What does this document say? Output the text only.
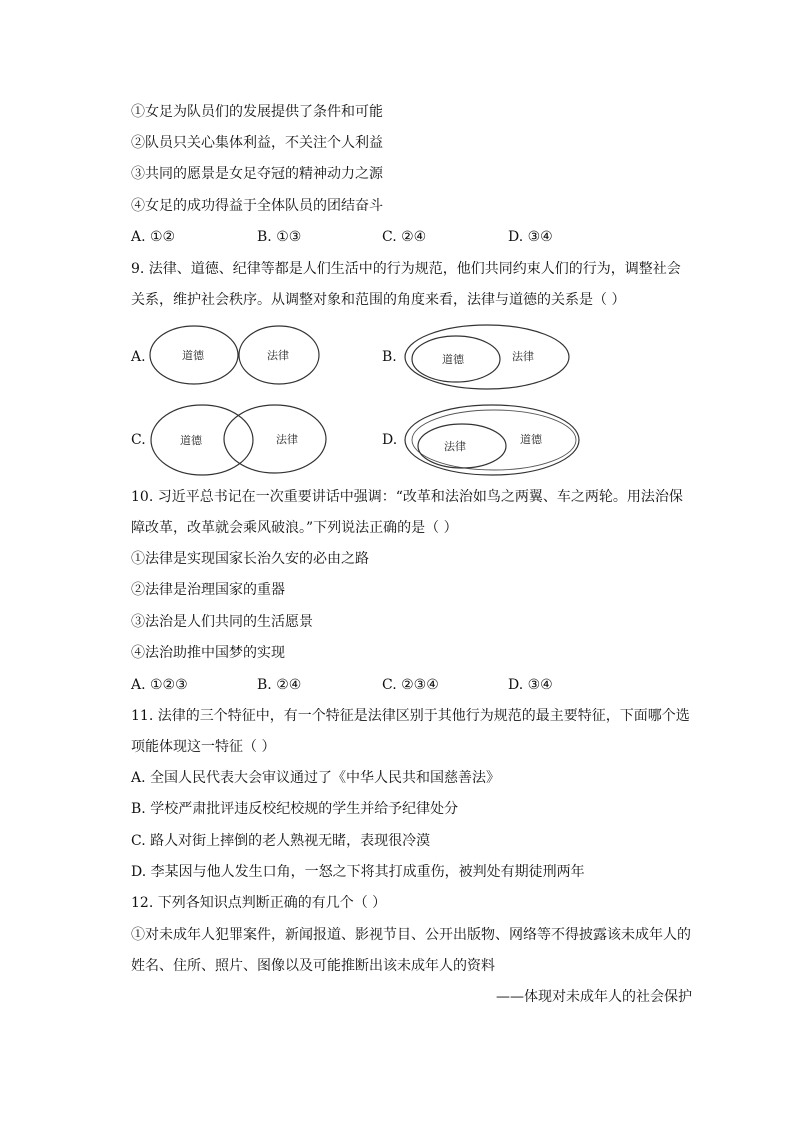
①女足为队员们的发展提供了条件和可能
②队员只关心集体利益，不关注个人利益
③共同的愿景是女足夺冠的精神动力之源
④女足的成功得益于全体队员的团结奋斗
A. ①②	B. ①③	C. ②④	D. ③④
9. 法律、道德、纪律等都是人们生活中的行为规范，他们共同约束人们的行为，调整社会
关系，维护社会秩序。从调整对象和范围的角度来看，法律与道德的关系是（ ）
A.	道德	法律	B.	道德	法律
C.	道德	法律	D.	法律
道德
10. 习近平总书记在一次重要讲话中强调：“改革和法治如鸟之两翼、车之两轮。用法治保
障改革，改革就会乘风破浪。”下列说法正确的是（ ）
①法律是实现国家长治久安的必由之路
②法律是治理国家的重器
③法治是人们共同的生活愿景
④法治助推中国梦的实现
A. ①②③	B. ②④	C. ②③④	D. ③④
11. 法律的三个特征中，有一个特征是法律区别于其他行为规范的最主要特征，下面哪个选
项能体现这一特征（ ）
A. 全国人民代表大会审议通过了《中华人民共和国慈善法》
B. 学校严肃批评违反校纪校规的学生并给予纪律处分
C. 路人对街上摔倒的老人熟视无睹，表现很冷漠
D. 李某因与他人发生口角，一怒之下将其打成重伤，被判处有期徒刑两年
12. 下列各知识点判断正确的有几个（ ）
①对未成年人犯罪案件，新闻报道、影视节目、公开出版物、网络等不得披露该未成年人的
姓名、住所、照片、图像以及可能推断出该未成年人的资料
——体现对未成年人的社会保护
